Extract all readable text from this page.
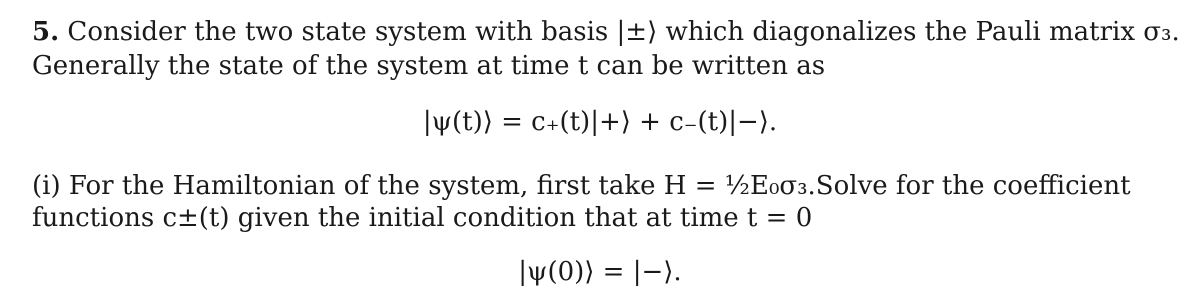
5. Consider the two state system with basis |±⟩ which diagonalizes the Pauli matrix σ₃.
Generally the state of the system at time t can be written as
|ψ(t)⟩ = c₊(t)|+⟩ + c₋(t)|−⟩.
(i) For the Hamiltonian of the system, first take H = ½E₀σ₃. Solve for the coefficient
functions c±(t) given the initial condition that at time t = 0
|ψ(0)⟩ = |−⟩.
